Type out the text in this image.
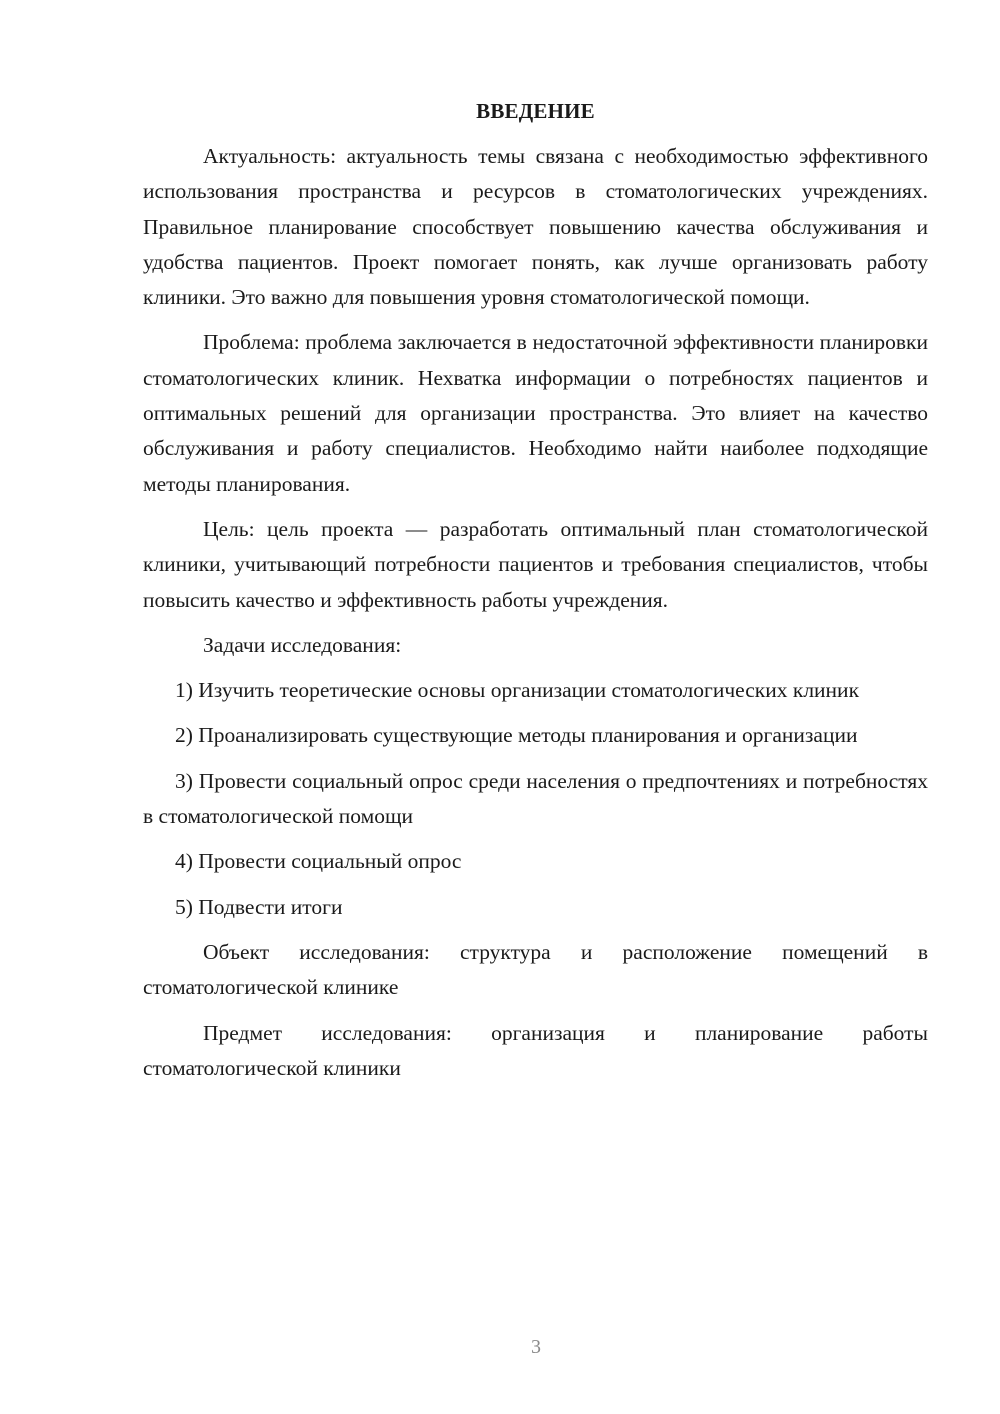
ВВЕДЕНИЕ

Актуальность: актуальность темы связана с необходимостью эффективного использования пространства и ресурсов в стоматологических учреждениях. Правильное планирование способствует повышению качества обслуживания и удобства пациентов. Проект помогает понять, как лучше организовать работу клиники. Это важно для повышения уровня стоматологической помощи.

Проблема: проблема заключается в недостаточной эффективности планировки стоматологических клиник. Нехватка информации о потребностях пациентов и оптимальных решений для организации пространства. Это влияет на качество обслуживания и работу специалистов. Необходимо найти наиболее подходящие методы планирования.

Цель: цель проекта — разработать оптимальный план стоматологической клиники, учитывающий потребности пациентов и требования специалистов, чтобы повысить качество и эффективность работы учреждения.

Задачи исследования:

1) Изучить теоретические основы организации стоматологических клиник

2) Проанализировать существующие методы планирования и организации

3) Провести социальный опрос среди населения о предпочтениях и потребностях в стоматологической помощи

4) Провести социальный опрос

5) Подвести итоги

Объект исследования: структура и расположение помещений в стоматологической клинике

Предмет исследования: организация и планирование работы стоматологической клиники

3
